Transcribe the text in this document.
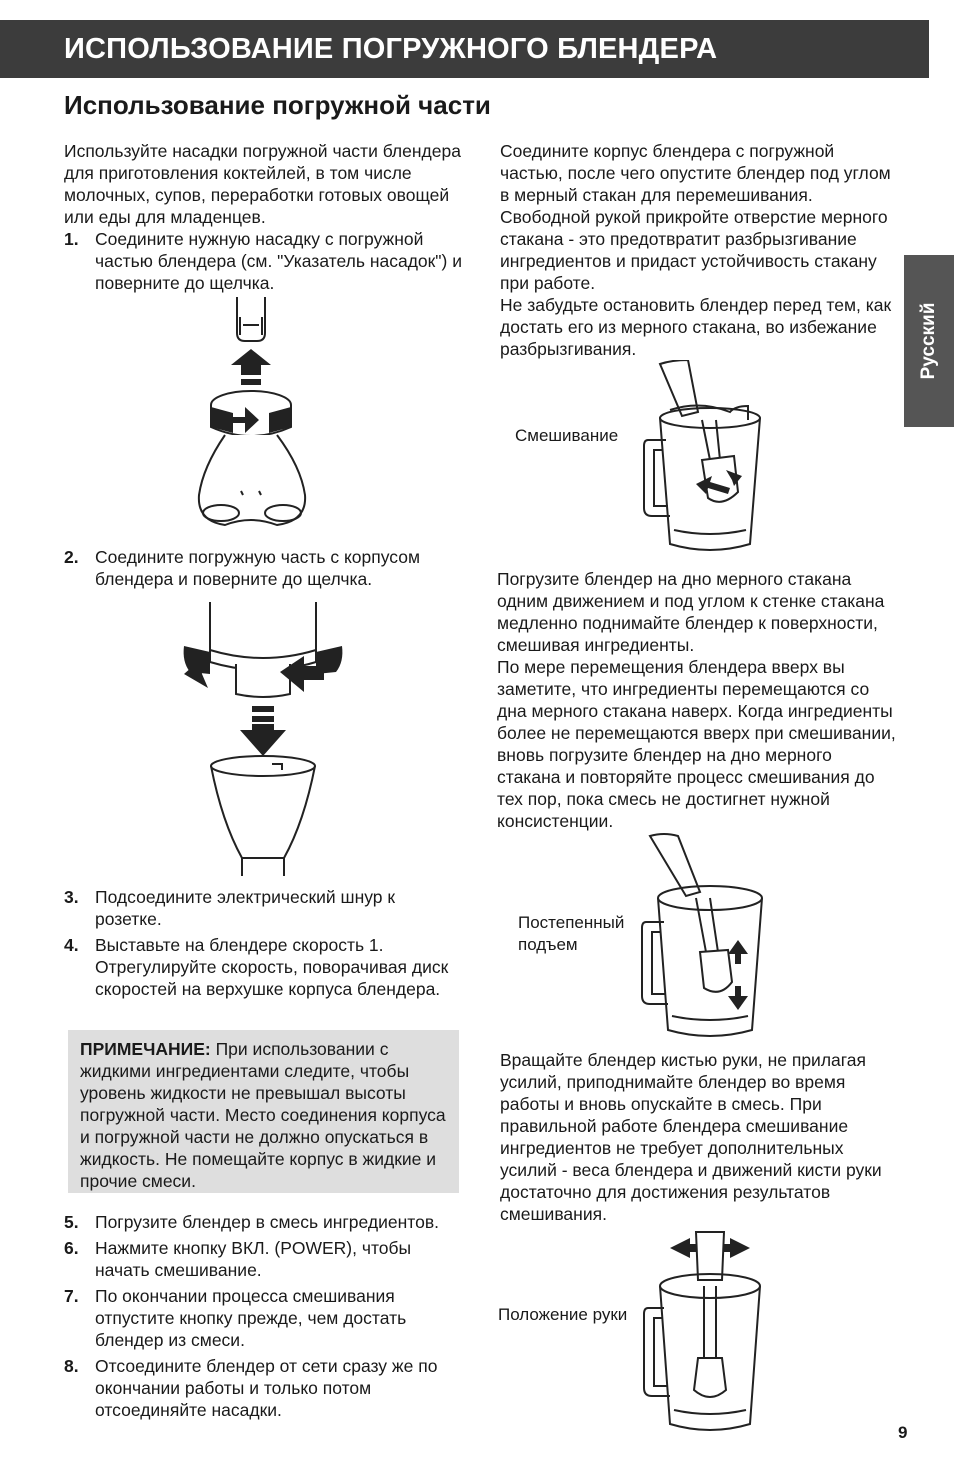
ИСПОЛЬЗОВАНИЕ ПОГРУЖНОГО БЛЕНДЕРА
Использование погружной части
Русский

Используйте насадки погружной части блендера для приготовления коктейлей, в том числе молочных, супов, переработки готовых овощей или еды для младенцев.

1. Соедините нужную насадку с погружной частью блендера (см. "Указатель насадок") и поверните до щелчка.
2. Соедините погружную часть с корпусом блендера и поверните до щелчка.
3. Подсоедините электрический шнур к розетке.
4. Выставьте на блендере скорость 1. Отрегулируйте скорость, поворачивая диск скоростей на верхушке корпуса блендера.
ПРИМЕЧАНИЕ: При использовании с жидкими ингредиентами следите, чтобы уровень жидкости не превышал высоты погружной части. Место соединения корпуса и погружной части не должно опускаться в жидкость. Не помещайте корпус в жидкие и прочие смеси.
5. Погрузите блендер в смесь ингредиентов.
6. Нажмите кнопку ВКЛ. (POWER), чтобы начать смешивание.
7. По окончании процесса смешивания отпустите кнопку прежде, чем достать блендер из смеси.
8. Отсоедините блендер от сети сразу же по окончании работы и только потом отсоединяйте насадки.

Соедините корпус блендера с погружной частью, после чего опустите блендер под углом в мерный стакан для перемешивания. Свободной рукой прикройте отверстие мерного стакана - это предотвратит разбрызгивание ингредиентов и придаст устойчивость стакану при работе.

Не забудьте остановить блендер перед тем, как достать его из мерного стакана, во избежание разбрызгивания.

Смешивание

Погрузите блендер на дно мерного стакана одним движением и под углом к стенке стакана медленно поднимайте блендер к поверхности, смешивая ингредиенты.

По мере перемещения блендера вверх вы заметите, что ингредиенты перемещаются со дна мерного стакана наверх. Когда ингредиенты более не перемещаются вверх при смешивании, вновь погрузите блендер на дно мерного стакана и повторяйте процесс смешивания до тех пор, пока смесь не достигнет нужной консистенции.

Постепенный
подъем

Вращайте блендер кистью руки, не прилагая усилий, приподнимайте блендер во время работы и вновь опускайте в смесь. При правильной работе блендера смешивание ингредиентов не требует дополнительных усилий - веса блендера и движений кисти руки достаточно для достижения результатов смешивания.

Положение руки
9
